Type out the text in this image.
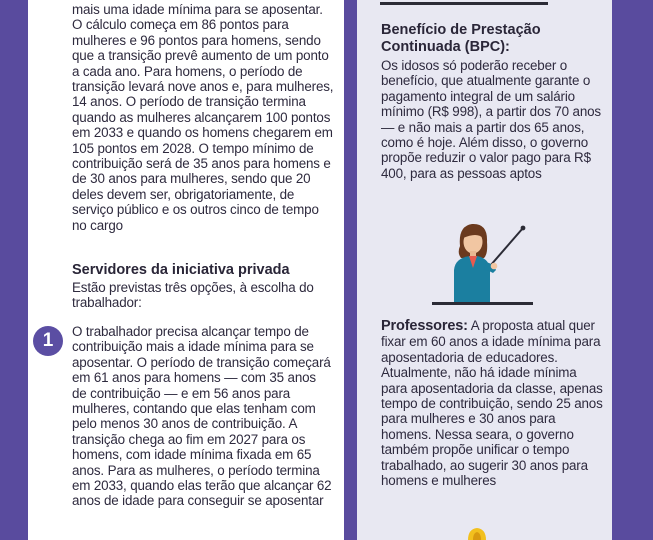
mais uma idade mínima para se aposentar. O cálculo começa em 86 pontos para mulheres e 96 pontos para homens, sendo que a transição prevê aumento de um ponto a cada ano. Para homens, o período de transição levará nove anos e, para mulheres, 14 anos. O período de transição termina quando as mulheres alcançarem 100 pontos em 2033 e quando os homens chegarem em 105 pontos em 2028. O tempo mínimo de contribuição será de 35 anos para homens e de 30 anos para mulheres, sendo que 20 deles devem ser, obrigatoriamente, de serviço público e os outros cinco de tempo no cargo

Servidores da iniciativa privada

Estão previstas três opções, à escolha do trabalhador:

1	O trabalhador precisa alcançar tempo de contribuição mais a idade mínima para se aposentar. O período de transição começará em 61 anos para homens — com 35 anos de contribuição — e em 56 anos para mulheres, contando que elas tenham com pelo menos 30 anos de contribuição. A transição chega ao fim em 2027 para os homens, com idade mínima fixada em 65 anos. Para as mulheres, o período termina em 2033, quando elas terão que alcançar 62 anos de idade para conseguir se aposentar

Benefício de Prestação Continuada (BPC):

Os idosos só poderão receber o benefício, que atualmente garante o pagamento integral de um salário mínimo (R$ 998), a partir dos 70 anos — e não mais a partir dos 65 anos, como é hoje. Além disso, o governo propõe reduzir o valor pago para R$ 400, para as pessoas aptos

Professores: A proposta atual quer fixar em 60 anos a idade mínima para aposentadoria de educadores. Atualmente, não há idade mínima para aposentadoria da classe, apenas tempo de contribuição, sendo 25 anos para mulheres e 30 anos para homens. Nessa seara, o governo também propõe unificar o tempo trabalhado, ao sugerir 30 anos para homens e mulheres
